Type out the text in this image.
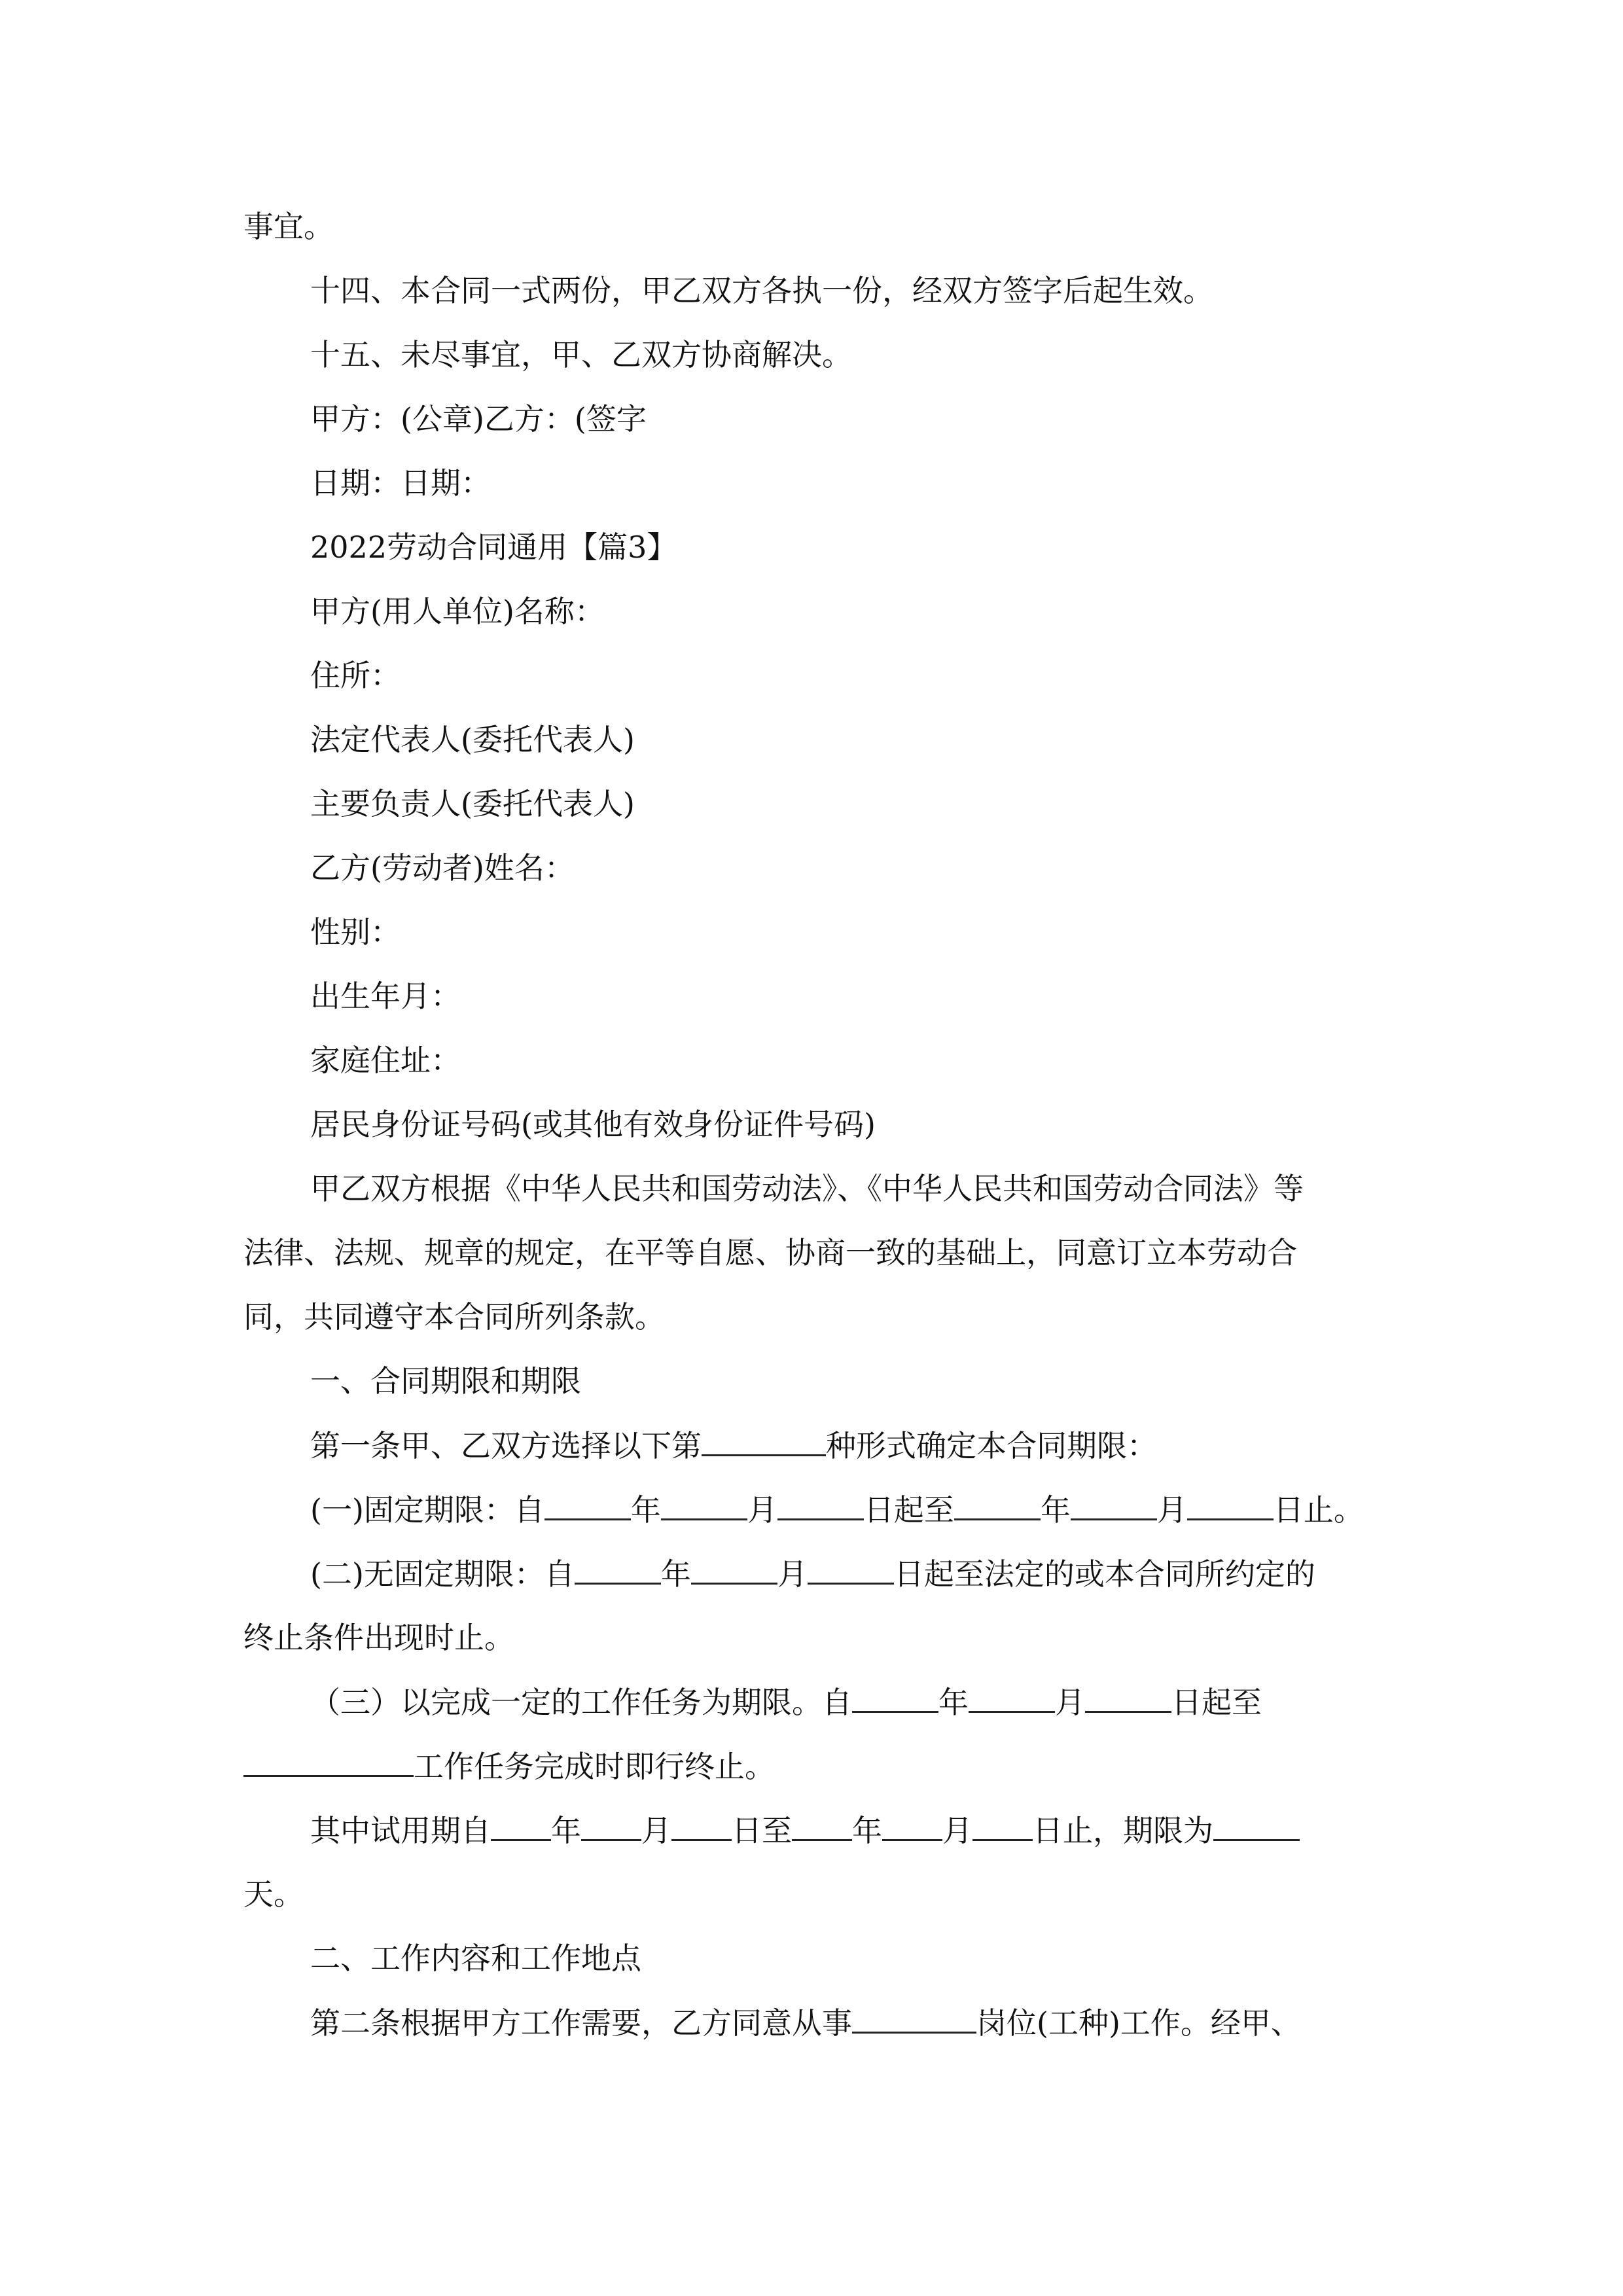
事宜。
十四、本合同一式两份，甲乙双方各执一份，经双方签字后起生效。
十五、未尽事宜，甲、乙双方协商解决。
甲方：(公章)乙方：(签字
日期：日期：
2022劳动合同通用【篇3】
甲方(用人单位)名称：
住所：
法定代表人(委托代表人)
主要负责人(委托代表人)
乙方(劳动者)姓名：
性别：
出生年月：
家庭住址：
居民身份证号码(或其他有效身份证件号码)
甲乙双方根据《中华人民共和国劳动法》、《中华人民共和国劳动合同法》等
法律、法规、规章的规定，在平等自愿、协商一致的基础上，同意订立本劳动合
同，共同遵守本合同所列条款。
一、合同期限和期限
第一条甲、乙双方选择以下第	种形式确定本合同期限：
(一)固定期限：自	年	月	日起至	年	月	日止。
(二)无固定期限：自	年	月	日起至法定的或本合同所约定的
终止条件出现时止。
（三）以完成一定的工作任务为期限。自	年	月	日起至
工作任务完成时即行终止。
其中试用期自 年 月 日至 年 月 日止，期限为
天。
二、工作内容和工作地点
第二条根据甲方工作需要，乙方同意从事	岗位(工种)工作。经甲、
